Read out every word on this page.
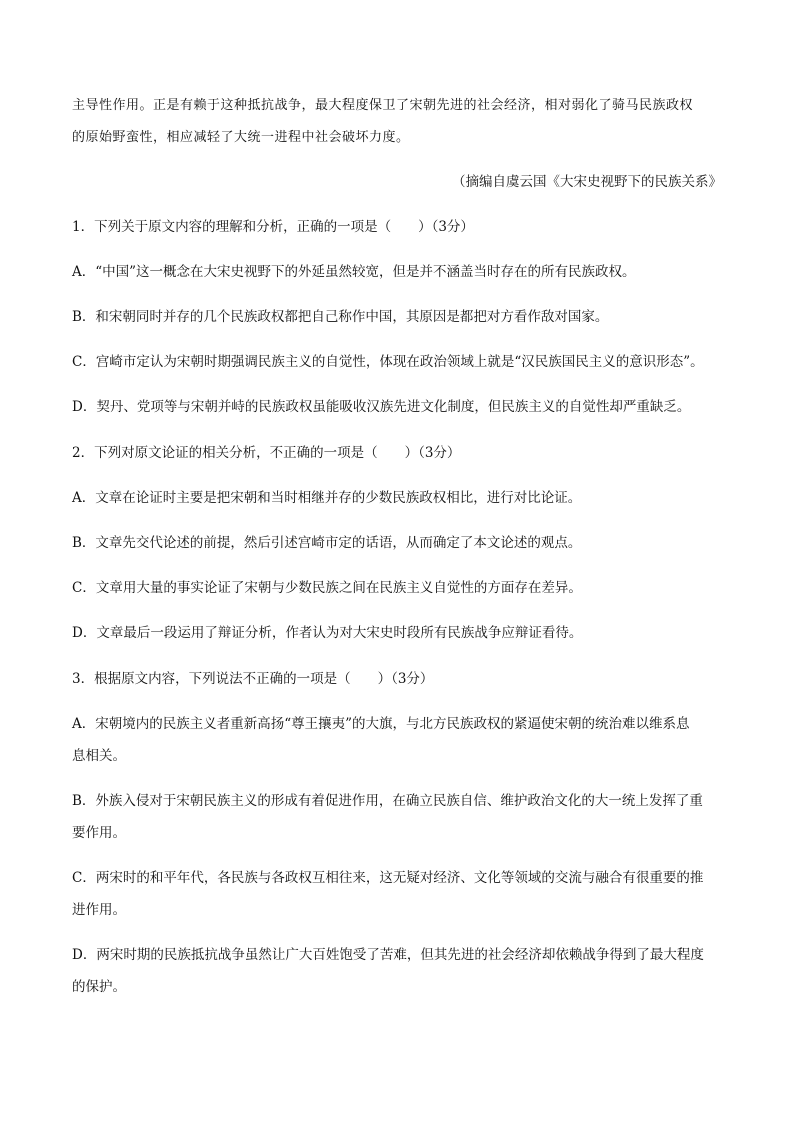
主导性作用。正是有赖于这种抵抗战争，最大程度保卫了宋朝先进的社会经济，相对弱化了骑马民族政权

的原始野蛮性，相应减轻了大统一进程中社会破坏力度。

（摘编自虞云国《大宋史视野下的民族关系》

1．下列关于原文内容的理解和分析，正确的一项是（　　）（3分）

A．“中国”这一概念在大宋史视野下的外延虽然较宽，但是并不涵盖当时存在的所有民族政权。

B．和宋朝同时并存的几个民族政权都把自己称作中国，其原因是都把对方看作敌对国家。

C．宫崎市定认为宋朝时期强调民族主义的自觉性，体现在政治领域上就是“汉民族国民主义的意识形态”。

D．契丹、党项等与宋朝并峙的民族政权虽能吸收汉族先进文化制度，但民族主义的自觉性却严重缺乏。

2．下列对原文论证的相关分析，不正确的一项是（　　）（3分）

A．文章在论证时主要是把宋朝和当时相继并存的少数民族政权相比，进行对比论证。

B．文章先交代论述的前提，然后引述宫崎市定的话语，从而确定了本文论述的观点。

C．文章用大量的事实论证了宋朝与少数民族之间在民族主义自觉性的方面存在差异。

D．文章最后一段运用了辩证分析，作者认为对大宋史时段所有民族战争应辩证看待。

3．根据原文内容，下列说法不正确的一项是（　　）（3分）

A．宋朝境内的民族主义者重新高扬“尊王攘夷”的大旗，与北方民族政权的紧逼使宋朝的统治难以维系息

息相关。

B．外族入侵对于宋朝民族主义的形成有着促进作用，在确立民族自信、维护政治文化的大一统上发挥了重

要作用。

C．两宋时的和平年代，各民族与各政权互相往来，这无疑对经济、文化等领域的交流与融合有很重要的推

进作用。

D．两宋时期的民族抵抗战争虽然让广大百姓饱受了苦难，但其先进的社会经济却依赖战争得到了最大程度

的保护。
